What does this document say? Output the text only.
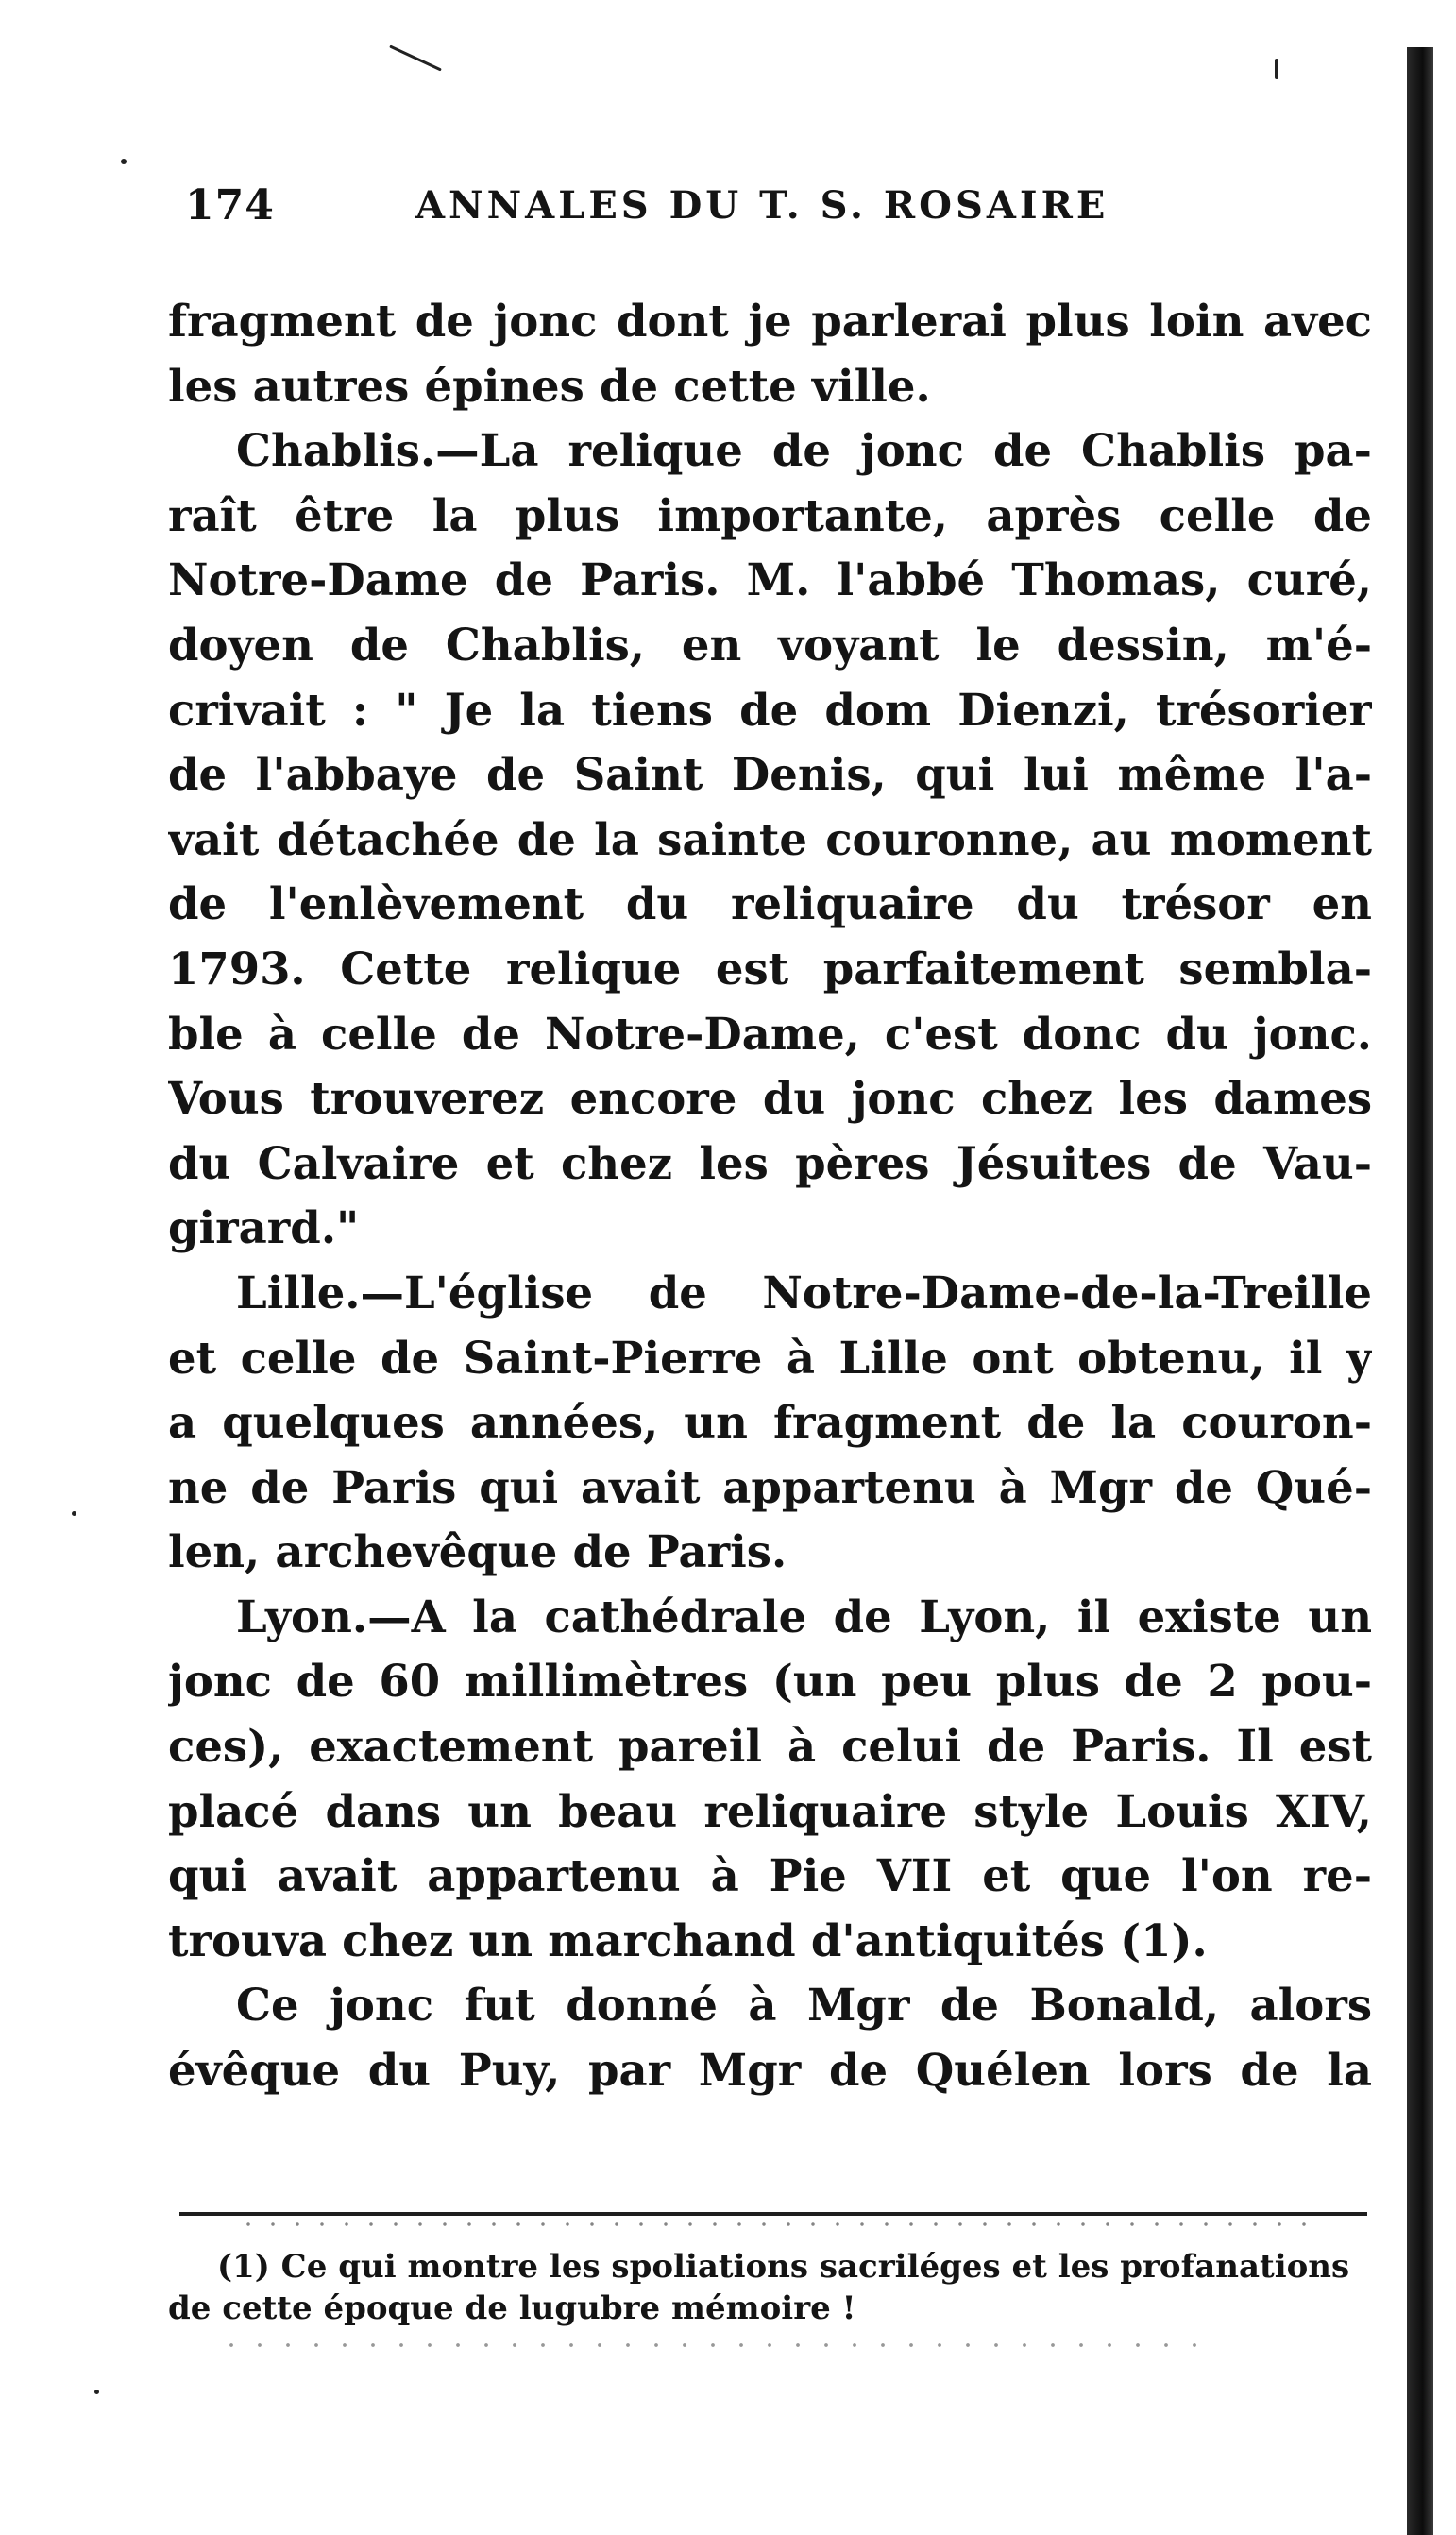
174	ANNALES DU T. S. ROSAIRE
fragment de jonc dont je parlerai plus loin avec
les autres épines de cette ville.
Chablis.—La relique de jonc de Chablis pa-
raît être la plus importante, après celle de
Notre-Dame de Paris. M. l'abbé Thomas, curé,
doyen de Chablis, en voyant le dessin, m'é-
crivait : " Je la tiens de dom Dienzi, trésorier
de l'abbaye de Saint Denis, qui lui même l'a-
vait détachée de la sainte couronne, au moment
de l'enlèvement du reliquaire du trésor en
1793. Cette relique est parfaitement sembla-
ble à celle de Notre-Dame, c'est donc du jonc.
Vous trouverez encore du jonc chez les dames
du Calvaire et chez les pères Jésuites de Vau-
girard."
Lille.—L'église de Notre-Dame-de-la-Treille
et celle de Saint-Pierre à Lille ont obtenu, il y
a quelques années, un fragment de la couron-
ne de Paris qui avait appartenu à Mgr de Qué-
len, archevêque de Paris.
Lyon.—A la cathédrale de Lyon, il existe un
jonc de 60 millimètres (un peu plus de 2 pou-
ces), exactement pareil à celui de Paris. Il est
placé dans un beau reliquaire style Louis XIV,
qui avait appartenu à Pie VII et que l'on re-
trouva chez un marchand d'antiquités (1).
Ce jonc fut donné à Mgr de Bonald, alors
évêque du Puy, par Mgr de Quélen lors de la
(1) Ce qui montre les spoliations sacriléges et les profanations
de cette époque de lugubre mémoire !
